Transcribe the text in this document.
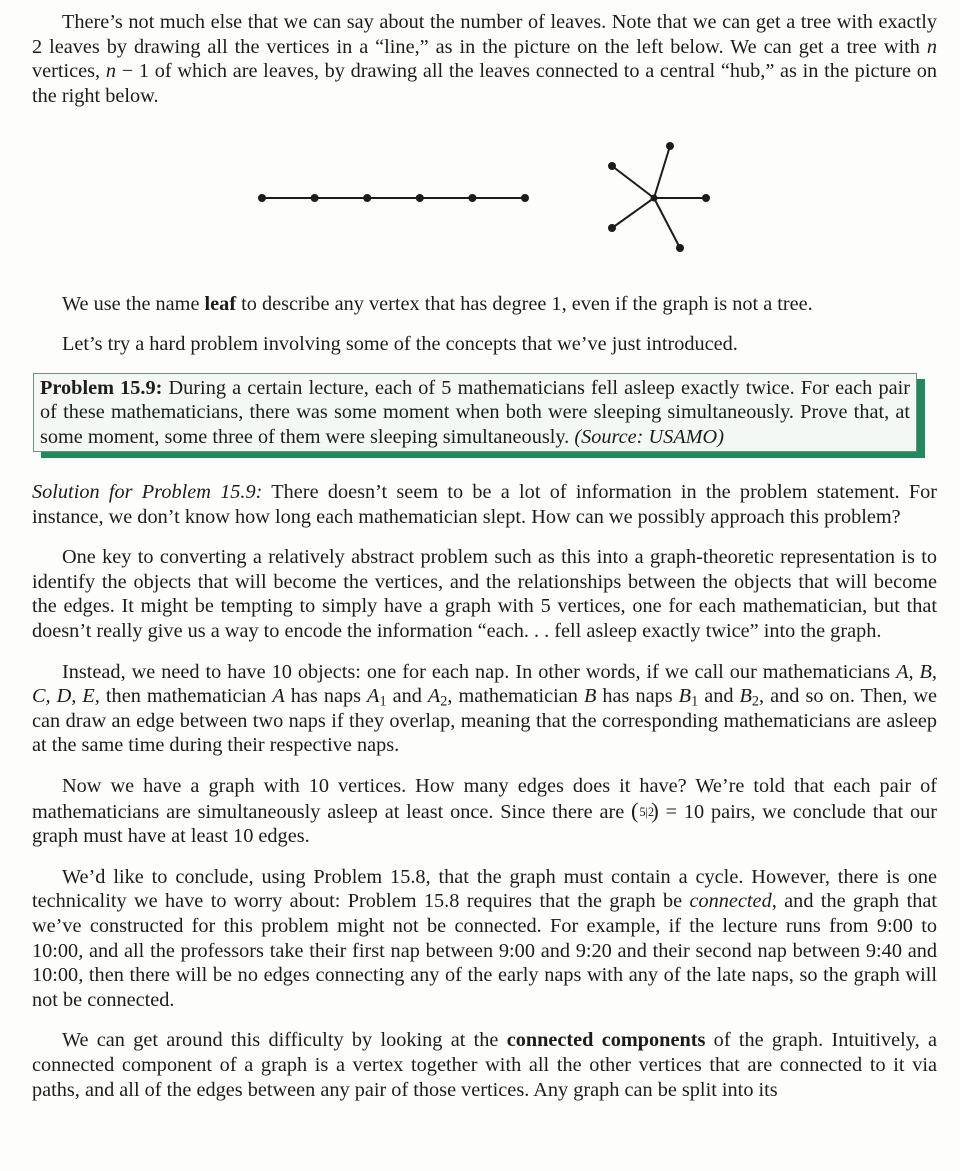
There’s not much else that we can say about the number of leaves. Note that we can get a tree with exactly 2 leaves by drawing all the vertices in a “line,” as in the picture on the left below. We can get a tree with n vertices, n − 1 of which are leaves, by drawing all the leaves connected to a central “hub,” as in the picture on the right below.

We use the name leaf to describe any vertex that has degree 1, even if the graph is not a tree.

Let’s try a hard problem involving some of the concepts that we’ve just introduced.

Problem 15.9: During a certain lecture, each of 5 mathematicians fell asleep exactly twice. For each pair of these mathematicians, there was some moment when both were sleeping simultaneously. Prove that, at some moment, some three of them were sleeping simultaneously. (Source: USAMO)

Solution for Problem 15.9: There doesn’t seem to be a lot of information in the problem statement. For instance, we don’t know how long each mathematician slept. How can we possibly approach this problem?

One key to converting a relatively abstract problem such as this into a graph-theoretic representation is to identify the objects that will become the vertices, and the relationships between the objects that will become the edges. It might be tempting to simply have a graph with 5 vertices, one for each mathematician, but that doesn’t really give us a way to encode the information “each. . . fell asleep exactly twice” into the graph.

Instead, we need to have 10 objects: one for each nap. In other words, if we call our mathematicians A, B, C, D, E, then mathematician A has naps $A_1$ and $A_2$, mathematician B has naps $B_1$ and $B_2$, and so on. Then, we can draw an edge between two naps if they overlap, meaning that the corresponding mathematicians are asleep at the same time during their respective naps.

Now we have a graph with 10 vertices. How many edges does it have? We’re told that each pair of mathematicians are simultaneously asleep at least once. Since there are (5|2) = 10 pairs, we conclude that our graph must have at least 10 edges.

We’d like to conclude, using Problem 15.8, that the graph must contain a cycle. However, there is one technicality we have to worry about: Problem 15.8 requires that the graph be connected, and the graph that we’ve constructed for this problem might not be connected. For example, if the lecture runs from 9:00 to 10:00, and all the professors take their first nap between 9:00 and 9:20 and their second nap between 9:40 and 10:00, then there will be no edges connecting any of the early naps with any of the late naps, so the graph will not be connected.

We can get around this difficulty by looking at the connected components of the graph. Intuitively, a connected component of a graph is a vertex together with all the other vertices that are connected to it via paths, and all of the edges between any pair of those vertices. Any graph can be split into its
